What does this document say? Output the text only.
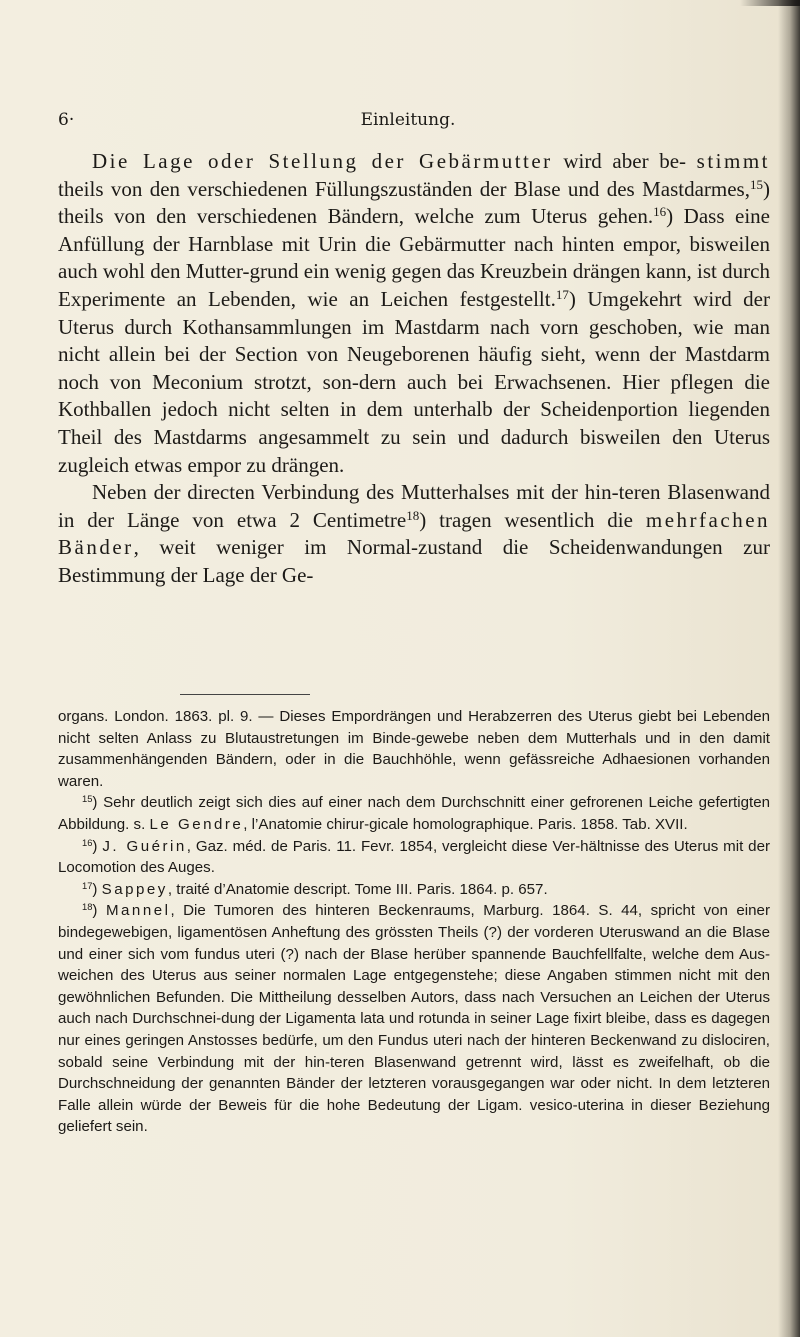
6·	Einleitung.

Die Lage oder Stellung der Gebärmutter wird aber be- stimmt theils von den verschiedenen Füllungszuständen der Blase und des Mastdarmes,$^{15}$) theils von den verschiedenen Bändern, welche zum Uterus gehen.$^{16}$) Dass eine Anfüllung der Harnblase mit Urin die Gebärmutter nach hinten empor, bisweilen auch wohl den Mutter-grund ein wenig gegen das Kreuzbein drängen kann, ist durch Experimente an Lebenden, wie an Leichen festgestellt.$^{17}$) Umgekehrt wird der Uterus durch Kothansammlungen im Mastdarm nach vorn geschoben, wie man nicht allein bei der Section von Neugeborenen häufig sieht, wenn der Mastdarm noch von Meconium strotzt, son-dern auch bei Erwachsenen. Hier pflegen die Kothballen jedoch nicht selten in dem unterhalb der Scheidenportion liegenden Theil des Mastdarms angesammelt zu sein und dadurch bisweilen den Uterus zugleich etwas empor zu drängen.

Neben der directen Verbindung des Mutterhalses mit der hin-teren Blasenwand in der Länge von etwa 2 Centimetre$^{18}$) tragen wesentlich die mehrfachen Bänder, weit weniger im Normal-zustand die Scheidenwandungen zur Bestimmung der Lage der Ge-

organs. London. 1863. pl. 9. — Dieses Empordrängen und Herabzerren des Uterus giebt bei Lebenden nicht selten Anlass zu Blutaustretungen im Binde-gewebe neben dem Mutterhals und in den damit zusammenhängenden Bändern, oder in die Bauchhöhle, wenn gefässreiche Adhaesionen vorhanden waren.

$^{15}$) Sehr deutlich zeigt sich dies auf einer nach dem Durchschnitt einer gefrorenen Leiche gefertigten Abbildung. s. Le Gendre, l’Anatomie chirur-gicale homolographique. Paris. 1858. Tab. XVII.

$^{16}$) J. Guérin, Gaz. méd. de Paris. 11. Fevr. 1854, vergleicht diese Ver-hältnisse des Uterus mit der Locomotion des Auges.

$^{17}$) Sappey, traité d’Anatomie descript. Tome III. Paris. 1864. p. 657.

$^{18}$) Mannel, Die Tumoren des hinteren Beckenraums, Marburg. 1864. S. 44, spricht von einer bindegewebigen, ligamentösen Anheftung des grössten Theils (?) der vorderen Uteruswand an die Blase und einer sich vom fundus uteri (?) nach der Blase herüber spannende Bauchfellfalte, welche dem Aus-weichen des Uterus aus seiner normalen Lage entgegenstehe; diese Angaben stimmen nicht mit den gewöhnlichen Befunden. Die Mittheilung desselben Autors, dass nach Versuchen an Leichen der Uterus auch nach Durchschnei-dung der Ligamenta lata und rotunda in seiner Lage fixirt bleibe, dass es dagegen nur eines geringen Anstosses bedürfe, um den Fundus uteri nach der hinteren Beckenwand zu dislociren, sobald seine Verbindung mit der hin-teren Blasenwand getrennt wird, lässt es zweifelhaft, ob die Durchschneidung der genannten Bänder der letzteren vorausgegangen war oder nicht. In dem letzteren Falle allein würde der Beweis für die hohe Bedeutung der Ligam. vesico-uterina in dieser Beziehung geliefert sein.
